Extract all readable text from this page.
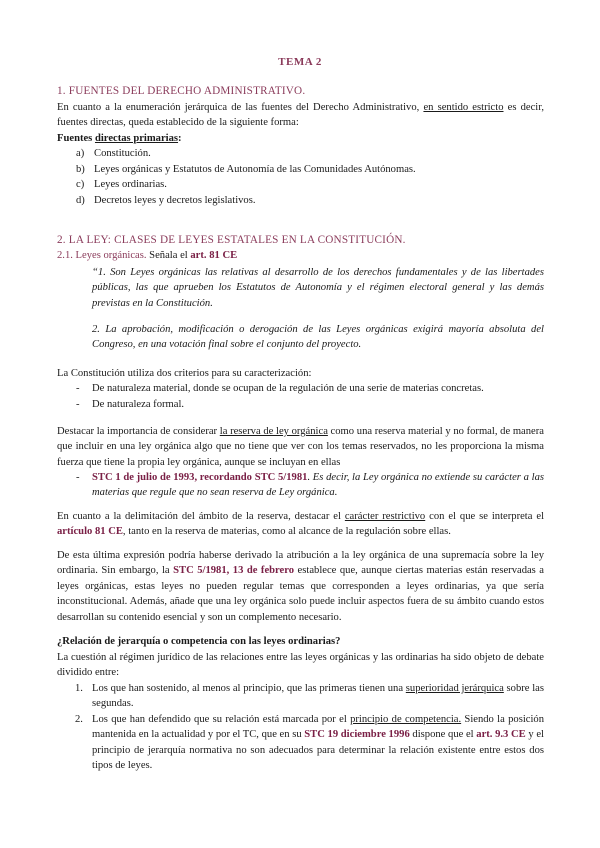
TEMA 2
1. FUENTES DEL DERECHO ADMINISTRATIVO.
En cuanto a la enumeración jerárquica de las fuentes del Derecho Administrativo, en sentido estricto es decir, fuentes directas, queda establecido de la siguiente forma:
Fuentes directas primarias:
a) Constitución.
b) Leyes orgánicas y Estatutos de Autonomía de las Comunidades Autónomas.
c) Leyes ordinarias.
d) Decretos leyes y decretos legislativos.
2. LA LEY: CLASES DE LEYES ESTATALES EN LA CONSTITUCIÓN.
2.1. Leyes orgánicas. Señala el art. 81 CE
“1. Son Leyes orgánicas las relativas al desarrollo de los derechos fundamentales y de las libertades públicas, las que aprueben los Estatutos de Autonomía y el régimen electoral general y las demás previstas en la Constitución.
2. La aprobación, modificación o derogación de las Leyes orgánicas exigirá mayoría absoluta del Congreso, en una votación final sobre el conjunto del proyecto.
La Constitución utiliza dos criterios para su caracterización:
- De naturaleza material, donde se ocupan de la regulación de una serie de materias concretas.
- De naturaleza formal.
Destacar la importancia de considerar la reserva de ley orgánica como una reserva material y no formal, de manera que incluir en una ley orgánica algo que no tiene que ver con los temas reservados, no les proporciona la misma fuerza que tiene la propia ley orgánica, aunque se incluyan en ellas
- STC 1 de julio de 1993, recordando STC 5/1981. Es decir, la Ley orgánica no extiende su carácter a las materias que regule que no sean reserva de Ley orgánica.
En cuanto a la delimitación del ámbito de la reserva, destacar el carácter restrictivo con el que se interpreta el artículo 81 CE, tanto en la reserva de materias, como al alcance de la regulación sobre ellas.
De esta última expresión podría haberse derivado la atribución a la ley orgánica de una supremacía sobre la ley ordinaria. Sin embargo, la STC 5/1981, 13 de febrero establece que, aunque ciertas materias están reservadas a leyes orgánicas, estas leyes no pueden regular temas que corresponden a leyes ordinarias, ya que sería inconstitucional. Además, añade que una ley orgánica solo puede incluir aspectos fuera de su ámbito cuando estos desarrollan su contenido esencial y son un complemento necesario.
¿Relación de jerarquía o competencia con las leyes ordinarias?
La cuestión al régimen jurídico de las relaciones entre las leyes orgánicas y las ordinarias ha sido objeto de debate dividido entre:
1. Los que han sostenido, al menos al principio, que las primeras tienen una superioridad jerárquica sobre las segundas.
2. Los que han defendido que su relación está marcada por el principio de competencia. Siendo la posición mantenida en la actualidad y por el TC, que en su STC 19 diciembre 1996 dispone que el art. 9.3 CE y el principio de jerarquía normativa no son adecuados para determinar la relación existente entre estos dos tipos de leyes.
